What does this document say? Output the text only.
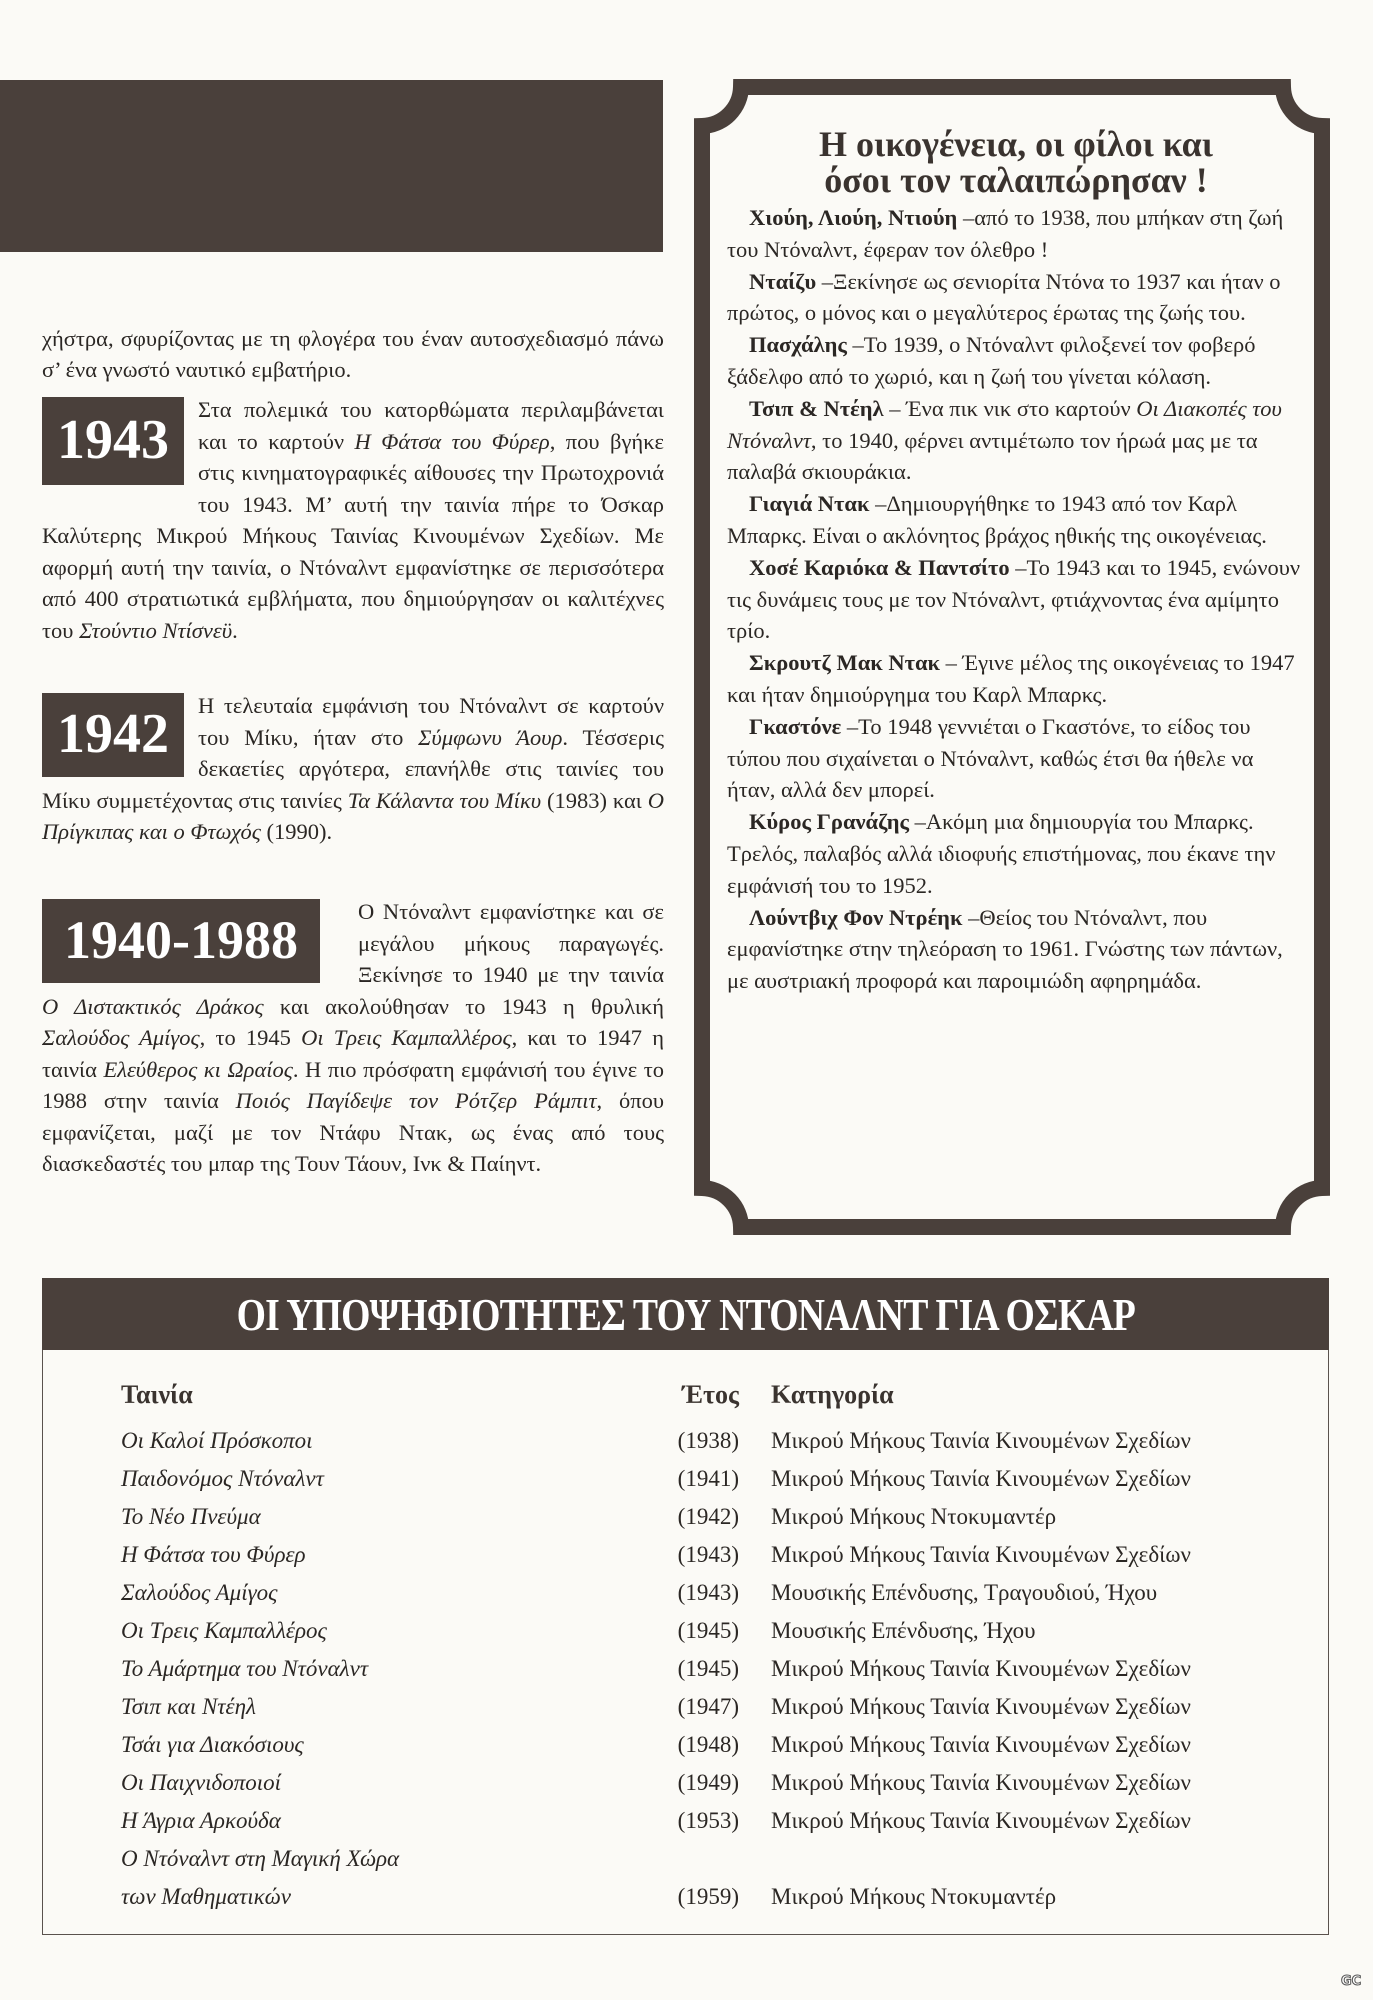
χήστρα, σφυρίζοντας με τη φλογέρα του έναν αυτοσχεδιασμό πάνω σ’ ένα γνωστό ναυτικό εμβατήριο.

1943	Στα πολεμικά του κατορθώματα περιλαμβάνεται και το καρτούν Η Φάτσα του Φύρερ, που βγήκε στις κινηματογραφικές αίθουσες την Πρωτοχρονιά του 1943. Μ’ αυτή την ταινία πήρε το Όσκαρ Καλύτερης Μικρού Μήκους Ταινίας Κινουμένων Σχεδίων. Με αφορμή αυτή την ταινία, ο Ντόναλντ εμφανίστηκε σε περισσότερα από 400 στρατιωτικά εμβλήματα, που δημιούργησαν οι καλιτέχνες του Στούντιο Ντίσνεϋ.
1942	Η τελευταία εμφάνιση του Ντόναλντ σε καρτούν του Μίκυ, ήταν στο Σύμφωνυ Άουρ. Τέσσερις δεκαετίες αργότερα, επανήλθε στις ταινίες του Μίκυ συμμετέχοντας στις ταινίες Τα Κάλαντα του Μίκυ (1983) και Ο Πρίγκιπας και ο Φτωχός (1990).
1940-1988	Ο Ντόναλντ εμφανίστηκε και σε μεγάλου μήκους παραγωγές. Ξεκίνησε το 1940 με την ταινία Ο Διστακτικός Δράκος και ακολούθησαν το 1943 η θρυλική Σαλούδος Αμίγος, το 1945 Οι Τρεις Καμπαλλέρος, και το 1947 η ταινία Ελεύθερος κι Ωραίος. Η πιο πρόσφατη εμφάνισή του έγινε το 1988 στην ταινία Ποιός Παγίδεψε τον Ρότζερ Ράμπιτ, όπου εμφανίζεται, μαζί με τον Ντάφυ Ντακ, ως ένας από τους διασκεδαστές του μπαρ της Τουν Τάουν, Ινκ & Παίηντ.
Η οικογένεια, οι φίλοι και
όσοι τον ταλαιπώρησαν !

Χιούη, Λιούη, Ντιούη –από το 1938, που μπήκαν στη ζωή του Ντόναλντ, έφεραν τον όλεθρο !

Νταίζυ –Ξεκίνησε ως σενιορίτα Ντόνα το 1937 και ήταν ο πρώτος, ο μόνος και ο μεγαλύτερος έρωτας της ζωής του.

Πασχάλης –Το 1939, ο Ντόναλντ φιλοξενεί τον φοβερό ξάδελφο από το χωριό, και η ζωή του γίνεται κόλαση.

Τσιπ & Ντέηλ – Ένα πικ νικ στο καρτούν Οι Διακοπές του Ντόναλντ, το 1940, φέρνει αντιμέτωπο τον ήρωά μας με τα παλαβά σκιουράκια.

Γιαγιά Ντακ –Δημιουργήθηκε το 1943 από τον Καρλ Μπαρκς. Είναι ο ακλόνητος βράχος ηθικής της οικογένειας.

Χοσέ Καριόκα & Παντσίτο –Το 1943 και το 1945, ενώνουν τις δυνάμεις τους με τον Ντόναλντ, φτιάχνοντας ένα αμίμητο τρίο.

Σκρουτζ Μακ Ντακ – Έγινε μέλος της οικογένειας το 1947 και ήταν δημιούργημα του Καρλ Μπαρκς.

Γκαστόνε –Το 1948 γεννιέται ο Γκαστόνε, το είδος του τύπου που σιχαίνεται ο Ντόναλντ, καθώς έτσι θα ήθελε να ήταν, αλλά δεν μπορεί.

Κύρος Γρανάζης –Ακόμη μια δημιουργία του Μπαρκς. Τρελός, παλαβός αλλά ιδιοφυής επιστήμονας, που έκανε την εμφάνισή του το 1952.

Λούντβιχ Φον Ντρέηκ –Θείος του Ντόναλντ, που εμφανίστηκε στην τηλεόραση το 1961. Γνώστης των πάντων, με αυστριακή προφορά και παροιμιώδη αφηρημάδα.

ΟΙ ΥΠΟΨΗΦΙΟΤΗΤΕΣ ΤΟΥ ΝΤΟΝΑΛΝΤ ΓΙΑ ΟΣΚΑΡ
Ταινία	Έτος Κατηγορία
Οι Καλοί Πρόσκοποι	(1938) Μικρού Μήκους Ταινία Κινουμένων Σχεδίων
Παιδονόμος Ντόναλντ	(1941) Μικρού Μήκους Ταινία Κινουμένων Σχεδίων
Το Νέο Πνεύμα	(1942) Μικρού Μήκους Ντοκυμαντέρ
Η Φάτσα του Φύρερ	(1943) Μικρού Μήκους Ταινία Κινουμένων Σχεδίων
Σαλούδος Αμίγος	(1943) Μουσικής Επένδυσης, Τραγουδιού, Ήχου
Οι Τρεις Καμπαλλέρος	(1945) Μουσικής Επένδυσης, Ήχου
Το Αμάρτημα του Ντόναλντ	(1945) Μικρού Μήκους Ταινία Κινουμένων Σχεδίων
Τσιπ και Ντέηλ	(1947) Μικρού Μήκους Ταινία Κινουμένων Σχεδίων
Τσάι για Διακόσιους	(1948) Μικρού Μήκους Ταινία Κινουμένων Σχεδίων
Οι Παιχνιδοποιοί	(1949) Μικρού Μήκους Ταινία Κινουμένων Σχεδίων
Η Άγρια Αρκούδα	(1953) Μικρού Μήκους Ταινία Κινουμένων Σχεδίων
Ο Ντόναλντ στη Μαγική Χώρα
των Μαθηματικών	(1959) Μικρού Μήκους Ντοκυμαντέρ
GC
